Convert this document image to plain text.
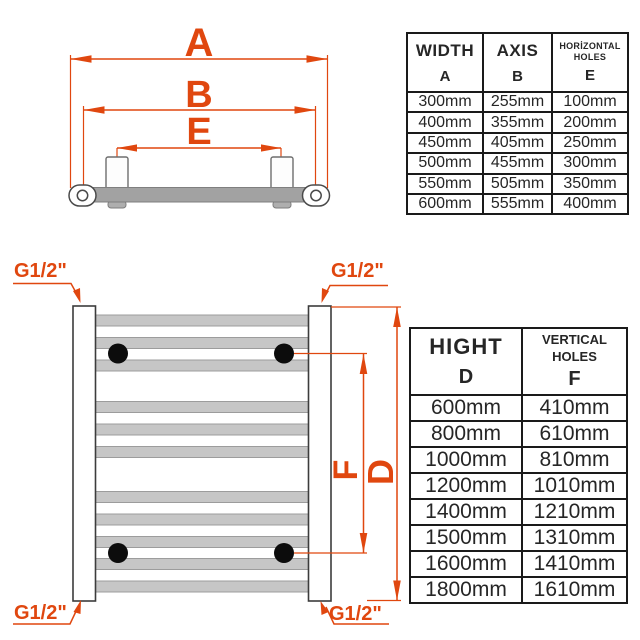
A
B
E
F
D
G1/2"	G1/2"
G1/2"	G1/2"
WIDTH
A

AXIS
B

HORİZONTAL
HOLES
E

300mm	255mm	100mm
400mm	355mm	200mm
450mm	405mm	250mm
500mm	455mm	300mm
550mm	505mm	350mm
600mm	555mm	400mm
HIGHT
D

VERTICAL
HOLES
F

600mm	410mm
800mm	610mm
1000mm	810mm
1200mm	1010mm
1400mm	1210mm
1500mm	1310mm
1600mm	1410mm
1800mm	1610mm
